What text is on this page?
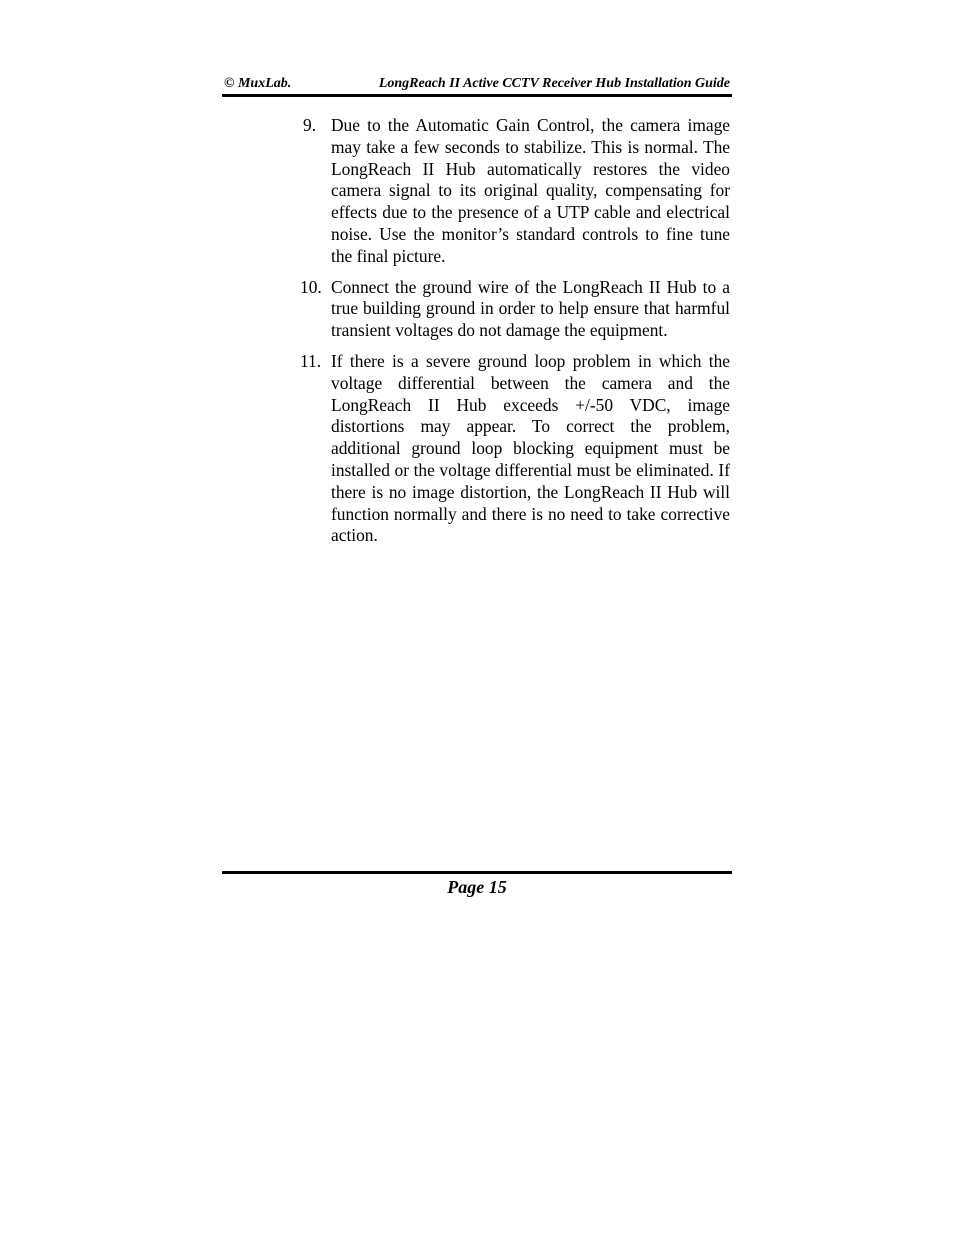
© MuxLab.	LongReach II Active CCTV Receiver Hub Installation Guide
9. Due to the Automatic Gain Control, the camera image may take a few seconds to stabilize. This is normal. The LongReach II Hub automatically restores the video camera signal to its original quality, compensating for effects due to the presence of a UTP cable and electrical noise. Use the monitor’s standard controls to fine tune the final picture.
10. Connect the ground wire of the LongReach II Hub to a true building ground in order to help ensure that harmful transient voltages do not damage the equipment.
11. If there is a severe ground loop problem in which the voltage differential between the camera and the LongReach II Hub exceeds +/-50 VDC, image distortions may appear. To correct the problem, additional ground loop blocking equipment must be installed or the voltage differential must be eliminated. If there is no image distortion, the LongReach II Hub will function normally and there is no need to take corrective action.
Page 15
